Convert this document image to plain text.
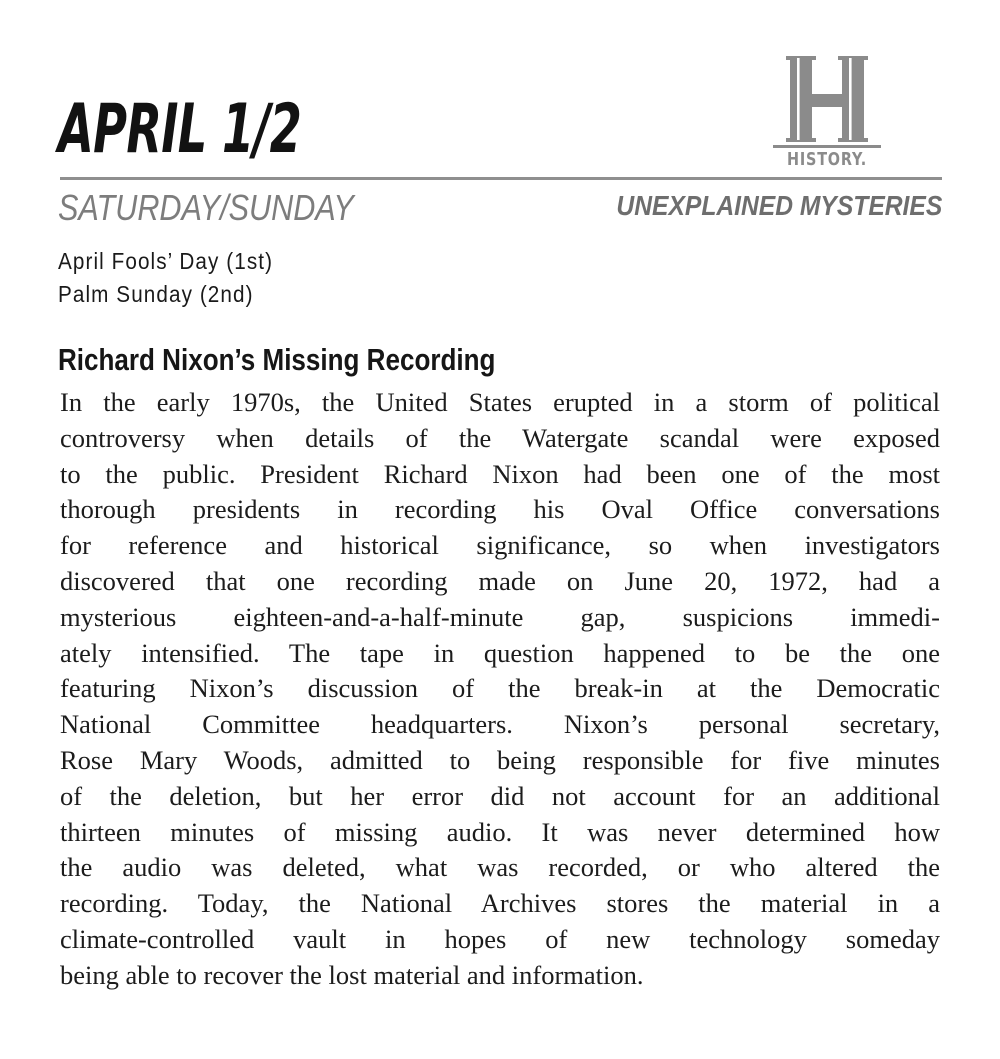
APRIL 1/2	HISTORY.
SATURDAY/SUNDAY	UNEXPLAINED MYSTERIES
April Fools’ Day (1st)
Palm Sunday (2nd)
Richard Nixon’s Missing Recording
In the early 1970s, the United States erupted in a storm of political
controversy when details of the Watergate scandal were exposed
to the public. President Richard Nixon had been one of the most
thorough presidents in recording his Oval Office conversations
for reference and historical significance, so when investigators
discovered that one recording made on June 20, 1972, had a
mysterious eighteen-and-a-half-minute gap, suspicions immedi-
ately intensified. The tape in question happened to be the one
featuring Nixon’s discussion of the break-in at the Democratic
National Committee headquarters. Nixon’s personal secretary,
Rose Mary Woods, admitted to being responsible for five minutes
of the deletion, but her error did not account for an additional
thirteen minutes of missing audio. It was never determined how
the audio was deleted, what was recorded, or who altered the
recording. Today, the National Archives stores the material in a
climate-controlled vault in hopes of new technology someday
being able to recover the lost material and information.
